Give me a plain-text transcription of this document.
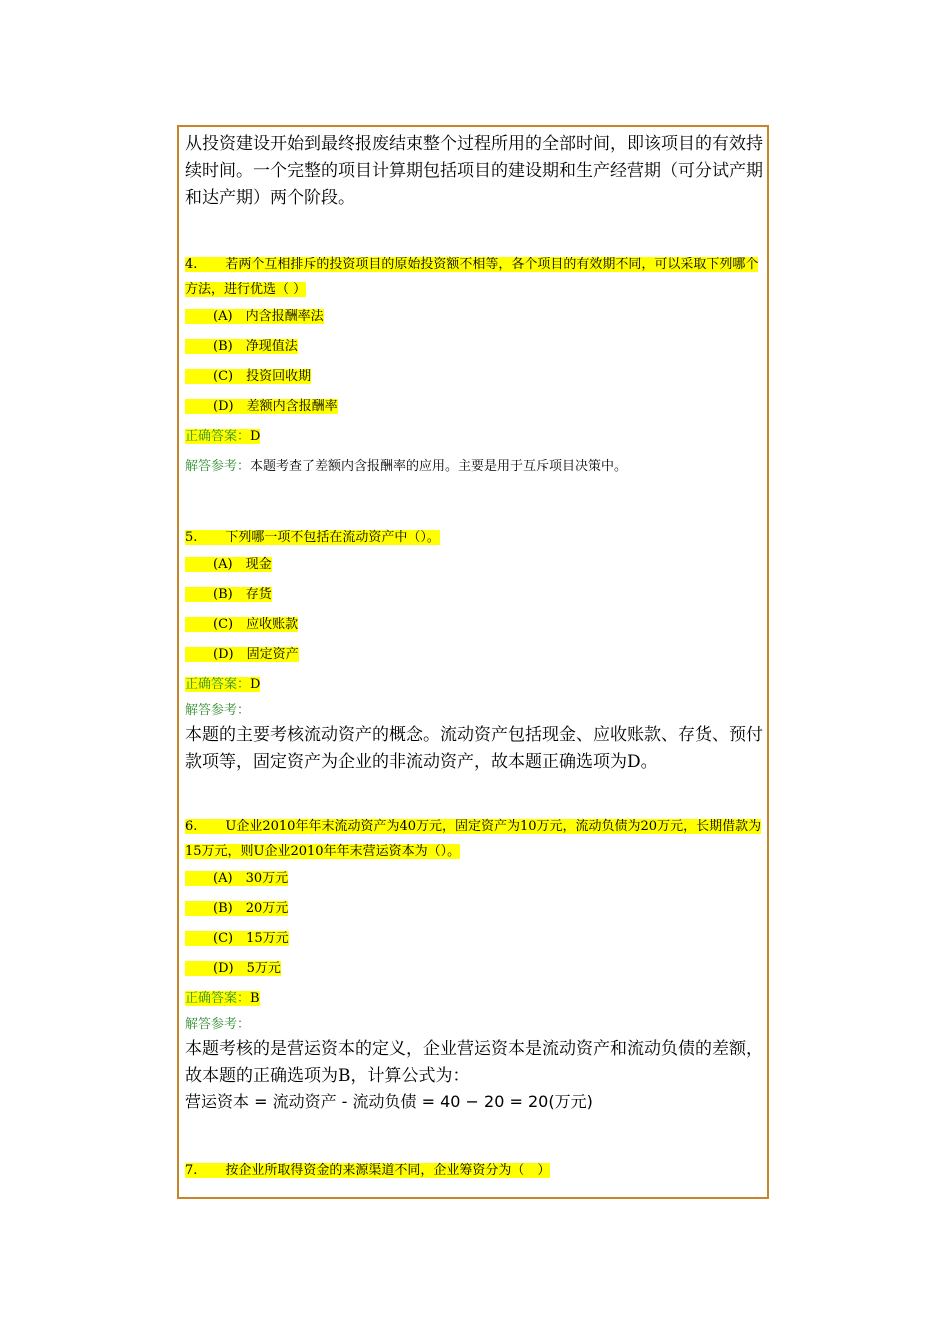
从投资建设开始到最终报废结束整个过程所用的全部时间，即该项目的有效持续时间。一个完整的项目计算期包括项目的建设期和生产经营期（可分试产期和达产期）两个阶段。

4. 若两个互相排斥的投资项目的原始投资额不相等，各个项目的有效期不同，可以采取下列哪个方法，进行优选（ ）

(A)　 内含报酬率法

(B)　 净现值法

(C)　 投资回收期

(D)　 差额内含报酬率

正确答案：D

解答参考：本题考查了差额内含报酬率的应用。主要是用于互斥项目决策中。

5. 下列哪一项不包括在流动资产中（）。

(A)　 现金

(B)　 存货

(C)　 应收账款

(D)　 固定资产

正确答案：D

解答参考：

本题的主要考核流动资产的概念。流动资产包括现金、应收账款、存货、预付款项等，固定资产为企业的非流动资产，故本题正确选项为D。

6. U企业2010年年末流动资产为40万元，固定资产为10万元，流动负债为20万元，长期借款为15万元，则U企业2010年年末营运资本为（）。

(A)　 30万元

(B)　 20万元

(C)　 15万元

(D)　 5万元

正确答案：B

解答参考：

本题考核的是营运资本的定义，企业营运资本是流动资产和流动负债的差额，故本题的正确选项为B，计算公式为：

营运资本 = 流动资产 - 流动负债 = 40 − 20 = 20(万元)

7. 按企业所取得资金的来源渠道不同，企业筹资分为（　）
